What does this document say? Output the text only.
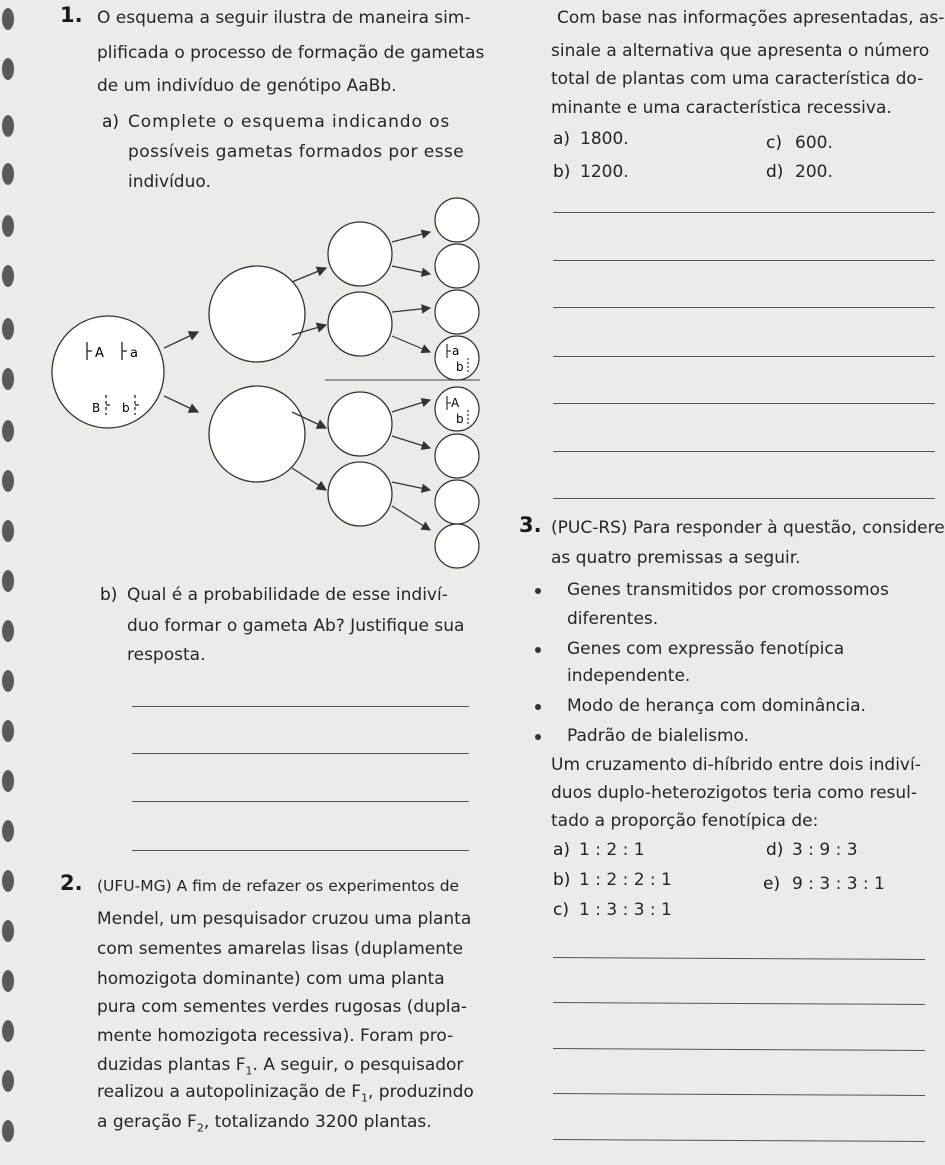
1. O esquema a seguir ilustra de maneira sim-

plificada o processo de formação de gametas

de um indivíduo de genótipo AaBb.

a) Complete o esquema indicando os

possíveis gametas formados por esse

indivíduo.

A a
B b
a
b
A
b
b) Qual é a probabilidade de esse indiví-

duo formar o gameta Ab? Justifique sua

resposta.

2. (UFU-MG) A fim de refazer os experimentos de

Mendel, um pesquisador cruzou uma planta

com sementes amarelas lisas (duplamente

homozigota dominante) com uma planta

pura com sementes verdes rugosas (dupla-

mente homozigota recessiva). Foram pro-

duzidas plantas $F_1$. A seguir, o pesquisador

realizou a autopolinização de $F_1$, produzindo

a geração $F_2$, totalizando 3200 plantas.

Com base nas informações apresentadas, as-

sinale a alternativa que apresenta o número

total de plantas com uma característica do-

minante e uma característica recessiva.

a) 1800.	c) 600.
b) 1200.	d) 200.
3. (PUC-RS) Para responder à questão, considere

as quatro premissas a seguir.

Genes transmitidos por cromossomos

diferentes.

Genes com expressão fenotípica

independente.

Modo de herança com dominância.

Padrão de bialelismo.

Um cruzamento di-híbrido entre dois indiví-

duos duplo-heterozigotos teria como resul-

tado a proporção fenotípica de:

a) 1 : 2 : 1	d) 3 : 9 : 3
b) 1 : 2 : 2 : 1	e) 9 : 3 : 3 : 1
c) 1 : 3 : 3 : 1
